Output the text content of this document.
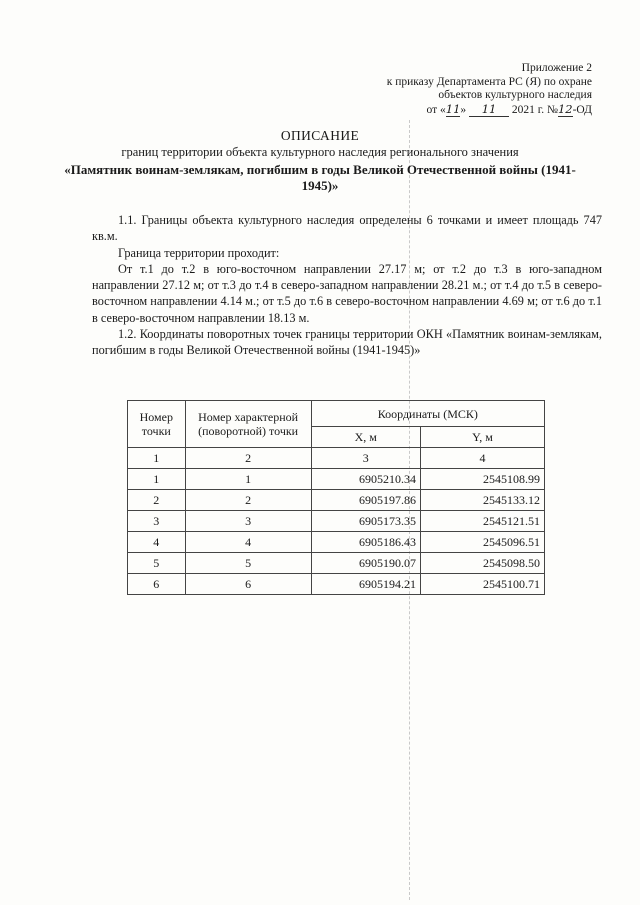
Приложение 2
к приказу Департамента РС (Я) по охране
объектов культурного наследия
от «11» 11 2021 г. №12-ОД
ОПИСАНИЕ

границ территории объекта культурного наследия регионального значения

«Памятник воинам-землякам, погибшим в годы Великой Отечественной войны (1941-1945)»

1.1. Границы объекта культурного наследия определены 6 точками и имеет площадь 747 кв.м.

Граница территории проходит:

От т.1 до т.2 в юго-восточном направлении 27.17 м; от т.2 до т.3 в юго-западном направлении 27.12 м; от т.3 до т.4 в северо-западном направлении 28.21 м.; от т.4 до т.5 в северо-восточном направлении 4.14 м.; от т.5 до т.6 в северо-восточном направлении 4.69 м; от т.6 до т.1 в северо-восточном направлении 18.13 м.

1.2. Координаты поворотных точек границы территории ОКН «Памятник воинам-землякам, погибшим в годы Великой Отечественной войны (1941-1945)»

Номер точки	Номер характерной (поворотной) точки	Координаты (МСК)	
		Х, м	Y, м
1	2	3	4
1	1	6905210.34	2545108.99
2	2	6905197.86	2545133.12
3	3	6905173.35	2545121.51
4	4	6905186.43	2545096.51
5	5	6905190.07	2545098.50
6	6	6905194.21	2545100.71
